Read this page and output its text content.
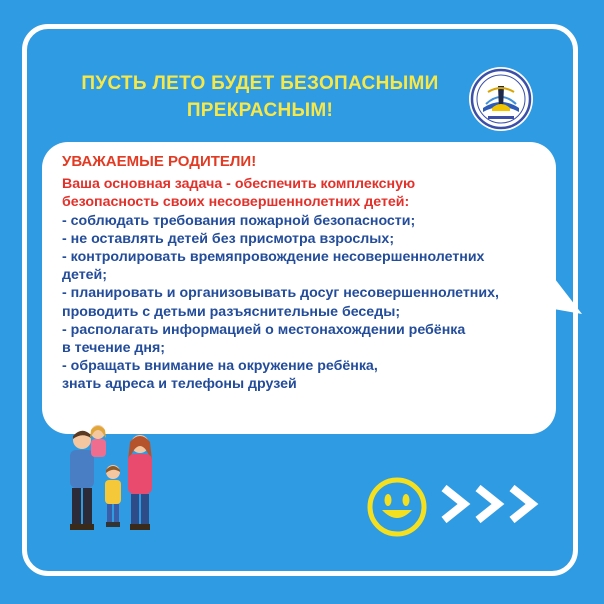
ПУСТЬ ЛЕТО БУДЕТ БЕЗОПАСНЫМИ
ПРЕКРАСНЫМ!
УВАЖАЕМЫЕ РОДИТЕЛИ!
Ваша основная задача - обеспечить комплексную
безопасность своих несовершеннолетних детей:
- соблюдать требования пожарной безопасности;
- не оставлять детей без присмотра взрослых;
- контролировать времяпровождение несовершеннолетних
детей;
- планировать и организовывать досуг несовершеннолетних,
проводить с детьми разъяснительные беседы;
- располагать информацией о местонахождении ребёнка
в течение дня;
- обращать внимание на окружение ребёнка,
знать адреса и телефоны друзей
